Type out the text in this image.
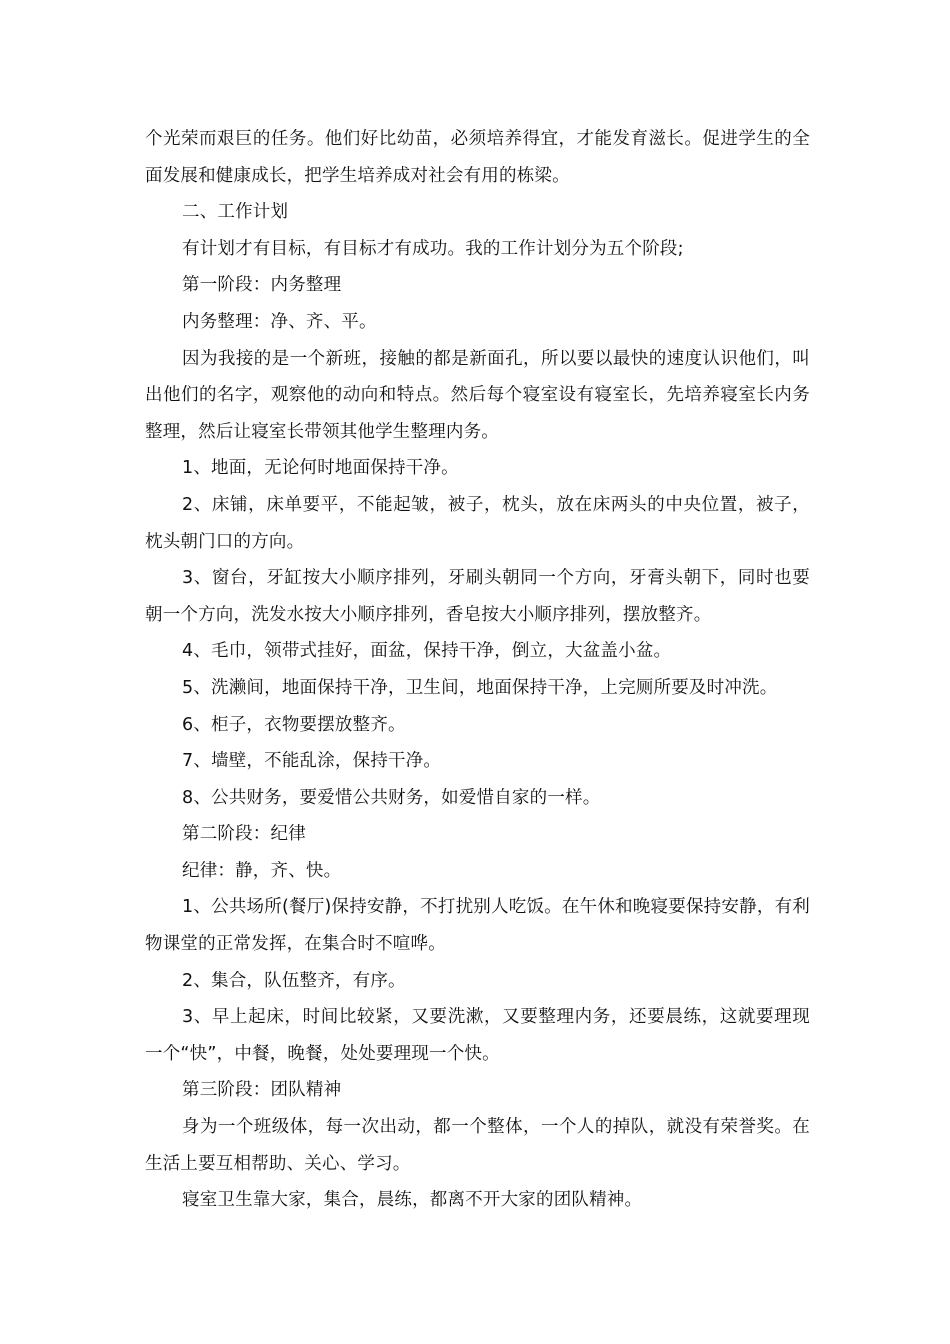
个光荣而艰巨的任务。他们好比幼苗，必须培养得宜，才能发育滋长。促进学生的全面发展和健康成长，把学生培养成对社会有用的栋梁。

二、工作计划

有计划才有目标，有目标才有成功。我的工作计划分为五个阶段;

第一阶段：内务整理

内务整理：净、齐、平。

因为我接的是一个新班，接触的都是新面孔，所以要以最快的速度认识他们，叫出他们的名字，观察他的动向和特点。然后每个寝室设有寝室长，先培养寝室长内务整理，然后让寝室长带领其他学生整理内务。

1、地面，无论何时地面保持干净。

2、床铺，床单要平，不能起皱，被子，枕头，放在床两头的中央位置，被子，枕头朝门口的方向。

3、窗台，牙缸按大小顺序排列，牙刷头朝同一个方向，牙膏头朝下，同时也要朝一个方向，洗发水按大小顺序排列，香皂按大小顺序排列，摆放整齐。

4、毛巾，领带式挂好，面盆，保持干净，倒立，大盆盖小盆。

5、洗濑间，地面保持干净，卫生间，地面保持干净，上完厕所要及时冲洗。

6、柜子，衣物要摆放整齐。

7、墙壁，不能乱涂，保持干净。

8、公共财务，要爱惜公共财务，如爱惜自家的一样。

第二阶段：纪律

纪律：静，齐、快。

1、公共场所(餐厅)保持安静，不打扰别人吃饭。在午休和晚寝要保持安静，有利物课堂的正常发挥，在集合时不喧哗。

2、集合，队伍整齐，有序。

3、早上起床，时间比较紧，又要洗漱，又要整理内务，还要晨练，这就要理现一个“快”，中餐，晚餐，处处要理现一个快。

第三阶段：团队精神

身为一个班级体，每一次出动，都一个整体，一个人的掉队，就没有荣誉奖。在生活上要互相帮助、关心、学习。

寝室卫生靠大家，集合，晨练，都离不开大家的团队精神。
